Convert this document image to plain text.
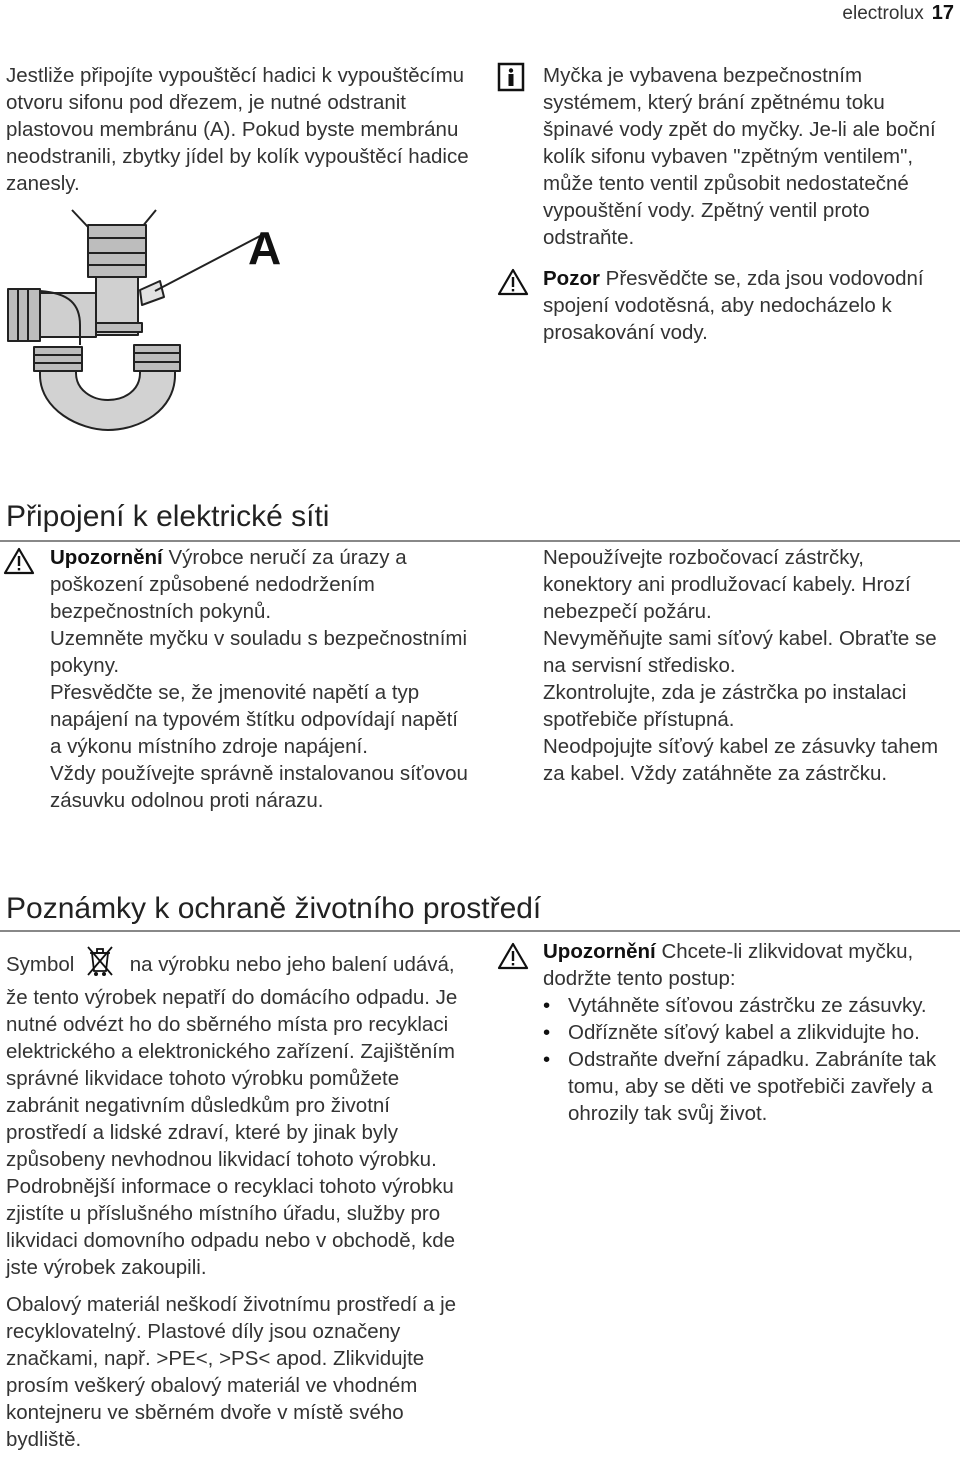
electrolux 17

Jestliže připojíte vypouštěcí hadici k vypouštěcímu otvoru sifonu pod dřezem, je nutné odstranit plastovou membránu (A). Pokud byste membránu neodstranili, zbytky jídel by kolík vypouštěcí hadice zanesly.

A

Myčka je vybavena bezpečnostním systémem, který brání zpětnému toku špinavé vody zpět do myčky. Je-li ale boční kolík sifonu vybaven "zpětným ventilem", může tento ventil způsobit nedostatečné vypouštění vody. Zpětný ventil proto odstraňte.

Pozor Přesvědčte se, zda jsou vodovodní spojení vodotěsná, aby nedocházelo k prosakování vody.

Připojení k elektrické síti

Upozornění Výrobce neručí za úrazy a poškození způsobené nedodržením bezpečnostních pokynů.

Uzemněte myčku v souladu s bezpečnostními pokyny.

Přesvědčte se, že jmenovité napětí a typ napájení na typovém štítku odpovídají napětí a výkonu místního zdroje napájení.

Vždy používejte správně instalovanou síťovou zásuvku odolnou proti nárazu.

Nepoužívejte rozbočovací zástrčky, konektory ani prodlužovací kabely. Hrozí nebezpečí požáru.

Nevyměňujte sami síťový kabel. Obraťte se na servisní středisko.

Zkontrolujte, zda je zástrčka po instalaci spotřebiče přístupná.

Neodpojujte síťový kabel ze zásuvky tahem za kabel. Vždy zatáhněte za zástrčku.

Poznámky k ochraně životního prostředí

Symbol	na výrobku nebo jeho balení udává, že tento výrobek nepatří do domácího odpadu. Je nutné odvézt ho do sběrného místa pro recyklaci elektrického a elektronického zařízení. Zajištěním správné likvidace tohoto výrobku pomůžete zabránit negativním důsledkům pro životní prostředí a lidské zdraví, které by jinak byly způsobeny nevhodnou likvidací tohoto výrobku. Podrobnější informace o recyklaci tohoto výrobku zjistíte u příslušného místního úřadu, služby pro likvidaci domovního odpadu nebo v obchodě, kde jste výrobek zakoupili.

Obalový materiál neškodí životnímu prostředí a je recyklovatelný. Plastové díly jsou označeny značkami, např. >PE<, >PS< apod. Zlikvidujte prosím veškerý obalový materiál ve vhodném kontejneru ve sběrném dvoře v místě svého bydliště.

Upozornění Chcete-li zlikvidovat myčku, dodržte tento postup:

• Vytáhněte síťovou zástrčku ze zásuvky.
• Odřízněte síťový kabel a zlikvidujte ho.
• Odstraňte dveřní západku. Zabráníte tak tomu, aby se děti ve spotřebiči zavřely a ohrozily tak svůj život.
